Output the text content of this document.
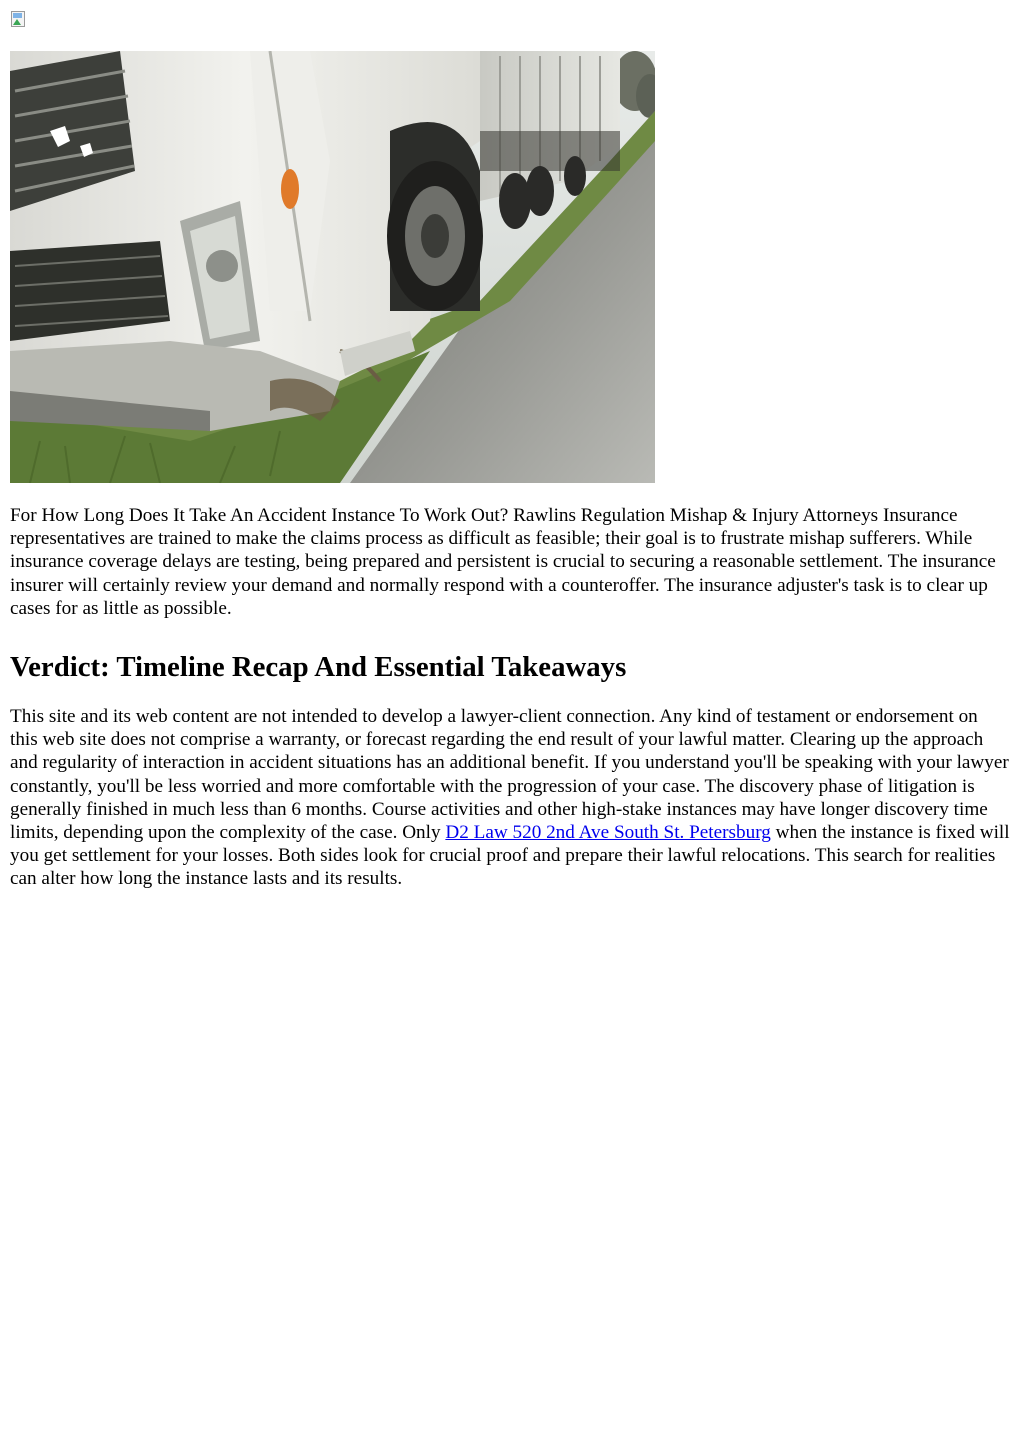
For How Long Does It Take An Accident Instance To Work Out? Rawlins Regulation Mishap & Injury Attorneys Insurance representatives are trained to make the claims process as difficult as feasible; their goal is to frustrate mishap sufferers. While insurance coverage delays are testing, being prepared and persistent is crucial to securing a reasonable settlement. The insurance insurer will certainly review your demand and normally respond with a counteroffer. The insurance adjuster's task is to clear up cases for as little as possible.

Verdict: Timeline Recap And Essential Takeaways

This site and its web content are not intended to develop a lawyer-client connection. Any kind of testament or endorsement on this web site does not comprise a warranty, or forecast regarding the end result of your lawful matter. Clearing up the approach and regularity of interaction in accident situations has an additional benefit. If you understand you'll be speaking with your lawyer constantly, you'll be less worried and more comfortable with the progression of your case. The discovery phase of litigation is generally finished in much less than 6 months. Course activities and other high-stake instances may have longer discovery time limits, depending upon the complexity of the case. Only D2 Law 520 2nd Ave South St. Petersburg when the instance is fixed will you get settlement for your losses. Both sides look for crucial proof and prepare their lawful relocations. This search for realities can alter how long the instance lasts and its results.
